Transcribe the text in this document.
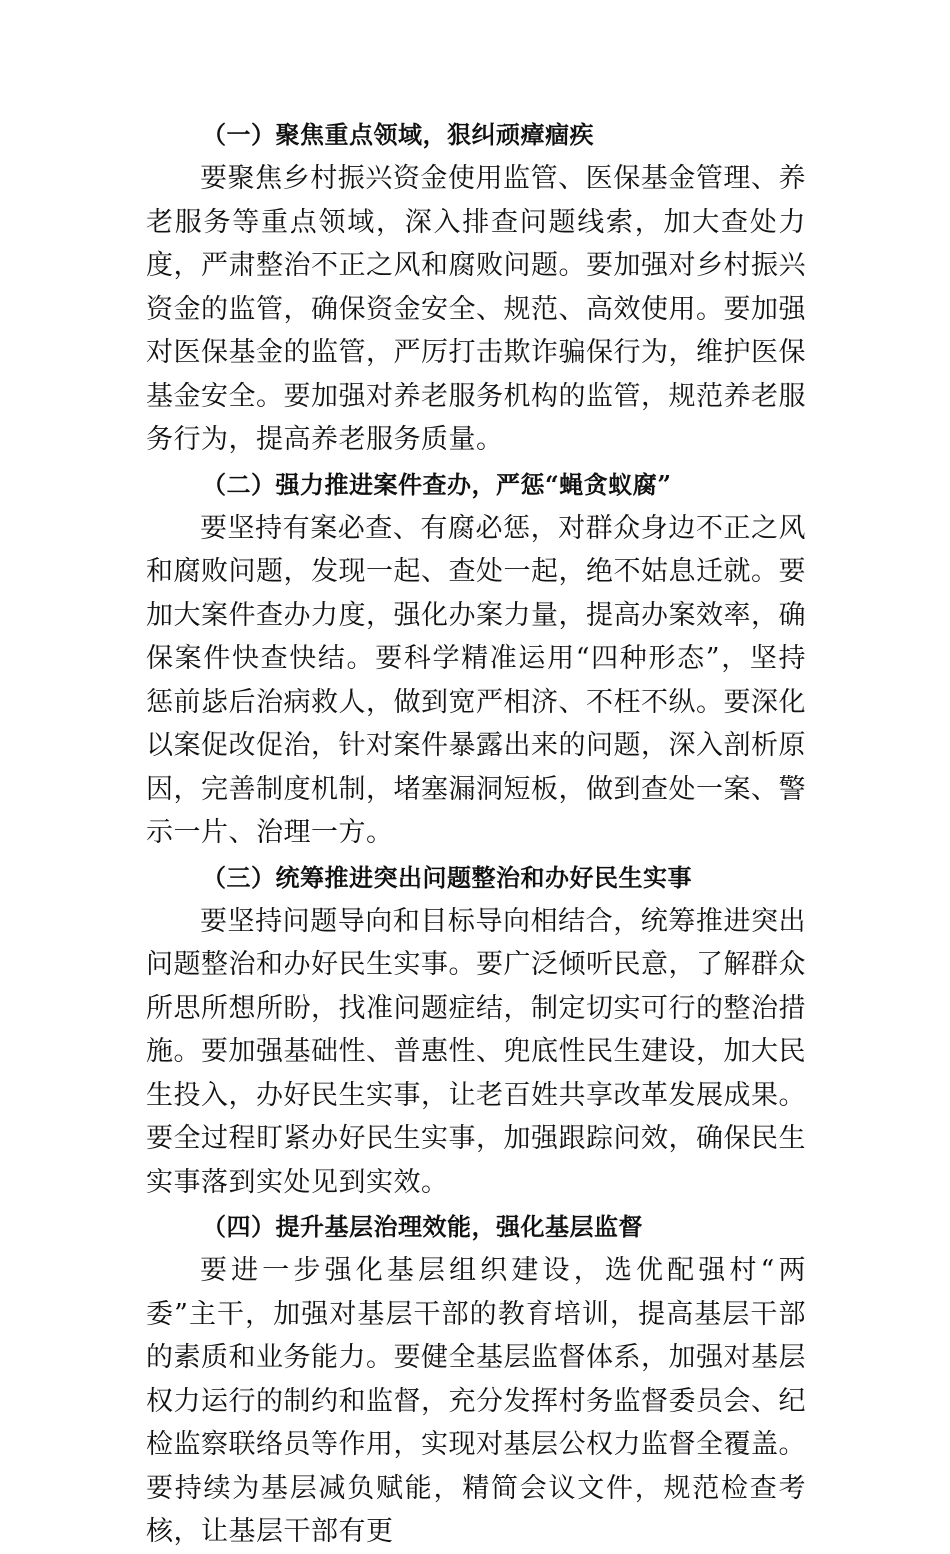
（一）聚焦重点领域，狠纠顽瘴痼疾

要聚焦乡村振兴资金使用监管、医保基金管理、养老服务等重点领域，深入排查问题线索，加大查处力度，严肃整治不正之风和腐败问题。要加强对乡村振兴资金的监管，确保资金安全、规范、高效使用。要加强对医保基金的监管，严厉打击欺诈骗保行为，维护医保基金安全。要加强对养老服务机构的监管，规范养老服务行为，提高养老服务质量。

（二）强力推进案件查办，严惩“蝇贪蚁腐”

要坚持有案必查、有腐必惩，对群众身边不正之风和腐败问题，发现一起、查处一起，绝不姑息迁就。要加大案件查办力度，强化办案力量，提高办案效率，确保案件快查快结。要科学精准运用“四种形态”，坚持惩前毖后治病救人，做到宽严相济、不枉不纵。要深化以案促改促治，针对案件暴露出来的问题，深入剖析原因，完善制度机制，堵塞漏洞短板，做到查处一案、警示一片、治理一方。

（三）统筹推进突出问题整治和办好民生实事

要坚持问题导向和目标导向相结合，统筹推进突出问题整治和办好民生实事。要广泛倾听民意，了解群众所思所想所盼，找准问题症结，制定切实可行的整治措施。要加强基础性、普惠性、兜底性民生建设，加大民生投入，办好民生实事，让老百姓共享改革发展成果。要全过程盯紧办好民生实事，加强跟踪问效，确保民生实事落到实处见到实效。

（四）提升基层治理效能，强化基层监督

要进一步强化基层组织建设，选优配强村“两委”主干，加强对基层干部的教育培训，提高基层干部的素质和业务能力。要健全基层监督体系，加强对基层权力运行的制约和监督，充分发挥村务监督委员会、纪检监察联络员等作用，实现对基层公权力监督全覆盖。要持续为基层减负赋能，精简会议文件，规范检查考核，让基层干部有更
